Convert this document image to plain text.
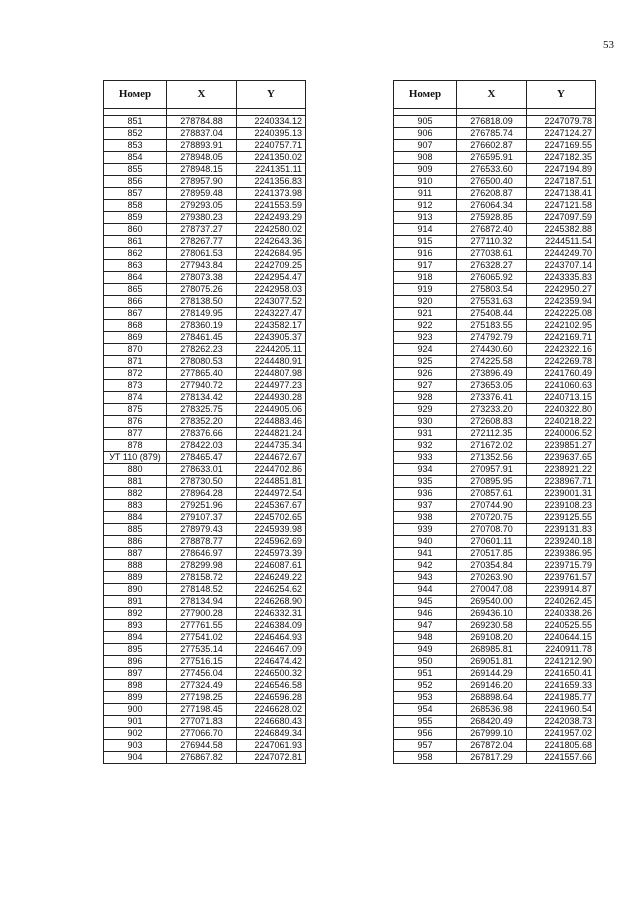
53
Номер	X	Y

851	278784.88	2240334.12
852	278837.04	2240395.13
853	278893.91	2240757.71
854	278948.05	2241350.02
855	278948.15	2241351.11
856	278957.90	2241356.83
857	278959.48	2241373.98
858	279293.05	2241553.59
859	279380.23	2242493.29
860	278737.27	2242580.02
861	278267.77	2242643.36
862	278061.53	2242684.95
863	277943.84	2242709.25
864	278073.38	2242954.47
865	278075.26	2242958.03
866	278138.50	2243077.52
867	278149.95	2243227.47
868	278360.19	2243582.17
869	278461.45	2243905.37
870	278262.23	2244205.11
871	278080.53	2244480.91
872	277865.40	2244807.98
873	277940.72	2244977.23
874	278134.42	2244930.28
875	278325.75	2244905.06
876	278352.20	2244883.46
877	278376.66	2244821.24
878	278422.03	2244735.34
УТ 110 (879)	278465.47	2244672.67
880	278633.01	2244702.86
881	278730.50	2244851.81
882	278964.28	2244972.54
883	279251.96	2245367.67
884	279107.37	2245702.65
885	278979.43	2245939.98
886	278878.77	2245962.69
887	278646.97	2245973.39
888	278299.98	2246087.61
889	278158.72	2246249.22
890	278148.52	2246254.62
891	278134.94	2246268.90
892	277900.28	2246332.31
893	277761.55	2246384.09
894	277541.02	2246464.93
895	277535.14	2246467.09
896	277516.15	2246474.42
897	277456.04	2246500.32
898	277324.49	2246546.58
899	277198.25	2246596.28
900	277198.45	2246628.02
901	277071.83	2246680.43
902	277066.70	2246849.34
903	276944.58	2247061.93
904	276867.82	2247072.81
Номер	X	Y

905	276818.09	2247079.78
906	276785.74	2247124.27
907	276602.87	2247169.55
908	276595.91	2247182.35
909	276533.60	2247194.89
910	276500.40	2247187.51
911	276208.87	2247138.41
912	276064.34	2247121.58
913	275928.85	2247097.59
914	276872.40	2245382.88
915	277110.32	2244511.54
916	277038.61	2244249.70
917	276328.27	2243707.14
918	276065.92	2243335.83
919	275803.54	2242950.27
920	275531.63	2242359.94
921	275408.44	2242225.08
922	275183.55	2242102.95
923	274792.79	2242169.71
924	274430.60	2242322.16
925	274225.58	2242269.78
926	273896.49	2241760.49
927	273653.05	2241060.63
928	273376.41	2240713.15
929	273233.20	2240322.80
930	272608.83	2240218.22
931	272112.35	2240006.52
932	271672.02	2239851.27
933	271352.56	2239637.65
934	270957.91	2238921.22
935	270895.95	2238967.71
936	270857.61	2239001.31
937	270744.90	2239108.23
938	270720.75	2239125.55
939	270708.70	2239131.83
940	270601.11	2239240.18
941	270517.85	2239386.95
942	270354.84	2239715.79
943	270263.90	2239761.57
944	270047.08	2239914.87
945	269540.00	2240262.45
946	269436.10	2240338.26
947	269230.58	2240525.55
948	269108.20	2240644.15
949	268985.81	2240911.78
950	269051.81	2241212.90
951	269144.29	2241650.41
952	269146.20	2241659.33
953	268898.64	2241985.77
954	268536.98	2241960.54
955	268420.49	2242038.73
956	267999.10	2241957.02
957	267872.04	2241805.68
958	267817.29	2241557.66
